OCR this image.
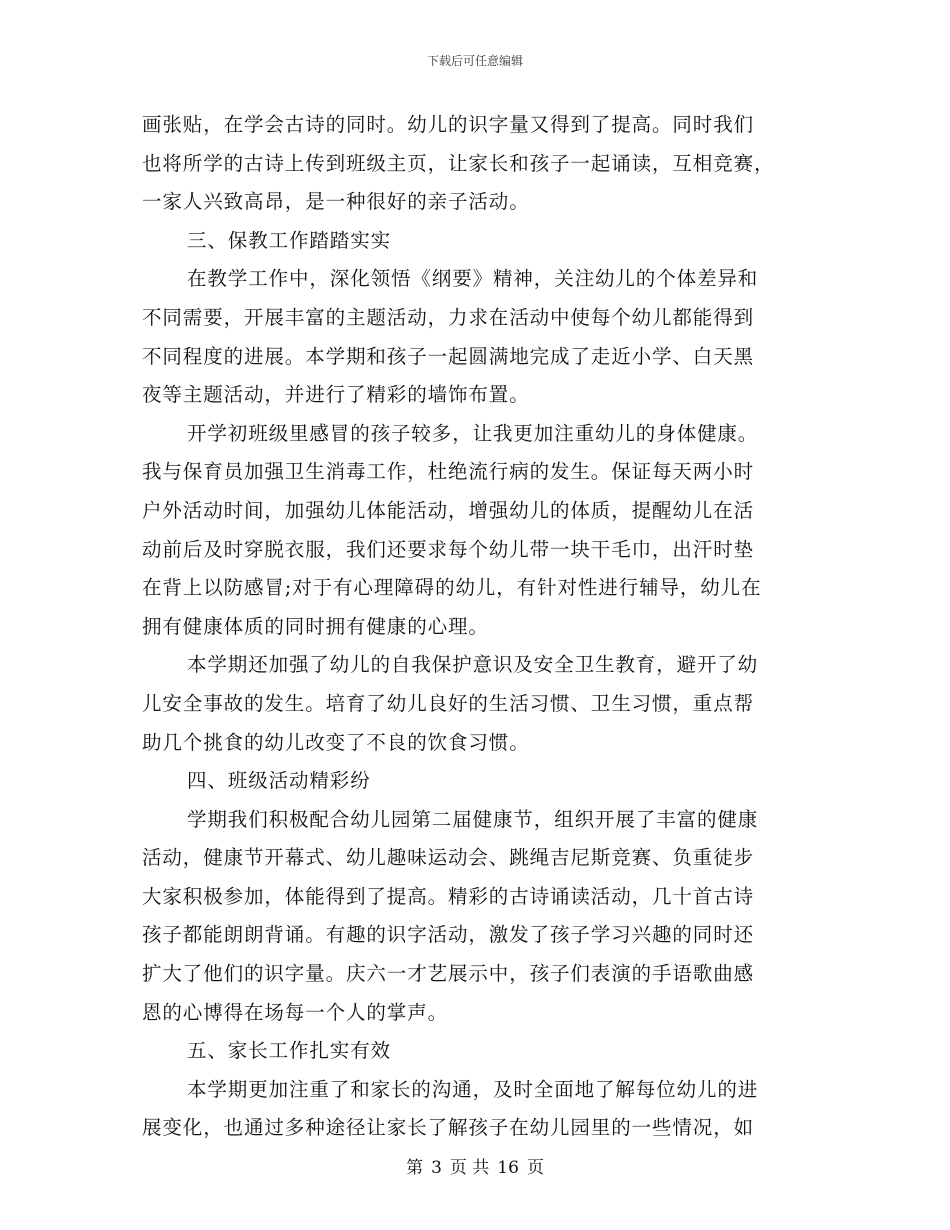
下载后可任意编辑
画张贴，在学会古诗的同时。幼儿的识字量又得到了提高。同时我们
也将所学的古诗上传到班级主页，让家长和孩子一起诵读，互相竞赛，
一家人兴致高昂，是一种很好的亲子活动。
三、保教工作踏踏实实
在教学工作中，深化领悟《纲要》精神，关注幼儿的个体差异和
不同需要，开展丰富的主题活动，力求在活动中使每个幼儿都能得到
不同程度的进展。本学期和孩子一起圆满地完成了走近小学、白天黑
夜等主题活动，并进行了精彩的墙饰布置。
开学初班级里感冒的孩子较多，让我更加注重幼儿的身体健康。
我与保育员加强卫生消毒工作，杜绝流行病的发生。保证每天两小时
户外活动时间，加强幼儿体能活动，增强幼儿的体质，提醒幼儿在活
动前后及时穿脱衣服，我们还要求每个幼儿带一块干毛巾，出汗时垫
在背上以防感冒;对于有心理障碍的幼儿，有针对性进行辅导，幼儿在
拥有健康体质的同时拥有健康的心理。
本学期还加强了幼儿的自我保护意识及安全卫生教育，避开了幼
儿安全事故的发生。培育了幼儿良好的生活习惯、卫生习惯，重点帮
助几个挑食的幼儿改变了不良的饮食习惯。
四、班级活动精彩纷
学期我们积极配合幼儿园第二届健康节，组织开展了丰富的健康
活动，健康节开幕式、幼儿趣味运动会、跳绳吉尼斯竞赛、负重徒步
大家积极参加，体能得到了提高。精彩的古诗诵读活动，几十首古诗
孩子都能朗朗背诵。有趣的识字活动，激发了孩子学习兴趣的同时还
扩大了他们的识字量。庆六一才艺展示中，孩子们表演的手语歌曲感
恩的心博得在场每一个人的掌声。
五、家长工作扎实有效
本学期更加注重了和家长的沟通，及时全面地了解每位幼儿的进
展变化，也通过多种途径让家长了解孩子在幼儿园里的一些情况，如
第 3 页 共 16 页
